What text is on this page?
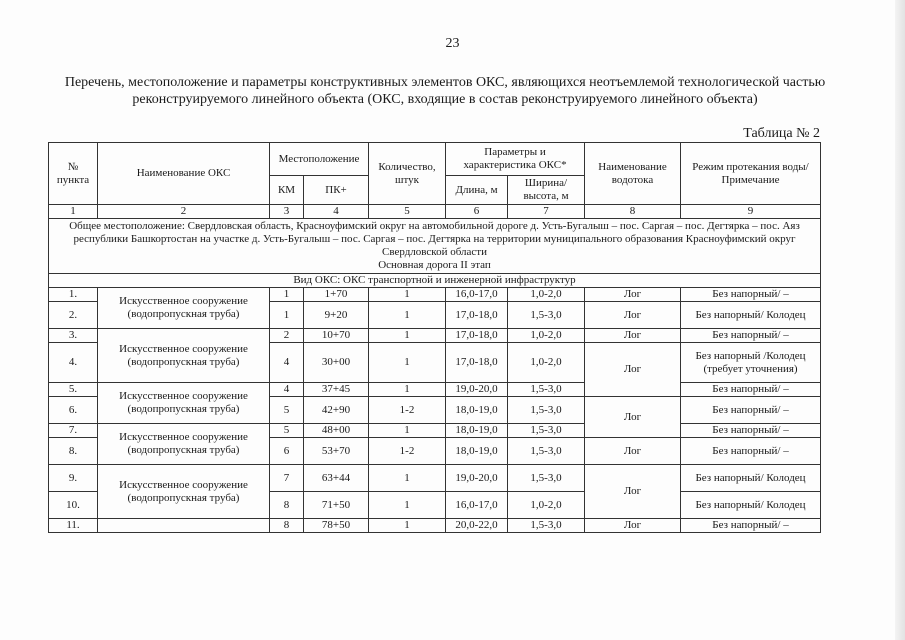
23
Перечень, местоположение и параметры конструктивных элементов ОКС, являющихся неотъемлемой технологической частью реконструируемого линейного объекта (ОКС, входящие в состав реконструируемого линейного объекта)
Таблица № 2
№ пункта	Наименование ОКС	Местоположение		Количество, штук	Параметры и характеристика ОКС*		Наименование водотока	Режим протекания воды/ Примечание
		КМ	ПК+		Длина, м	Ширина/ высота, м		
1	2	3	4	5	6	7	8	9

Общее местоположение: Свердловская область, Красноуфимский округ на автомобильной дороге д. Усть-Бугалыш – пос. Саргая – пос. Дегтярка – пос. Аяз республики Башкортостан на участке д. Усть-Бугалыш – пос. Саргая – пос. Дегтярка на территории муниципального образования Красноуфимский округ Свердловской области
Основная дорога II этап								

Вид ОКС: ОКС транспортной и инженерной инфраструктур								
1.	Искусственное сооружение (водопропускная труба)	1	1+70	1	16,0-17,0	1,0-2,0	Лог	Без напорный/ –
2.		1	9+20	1	17,0-18,0	1,5-3,0	Лог	Без напорный/ Колодец
3.	Искусственное сооружение (водопропускная труба)	2	10+70	1	17,0-18,0	1,0-2,0	Лог	Без напорный/ –
4.		4	30+00	1	17,0-18,0	1,0-2,0	Лог	Без напорный /Колодец (требует уточнения)
5.	Искусственное сооружение (водопропускная труба)	4	37+45	1	19,0-20,0	1,5-3,0		Без напорный/ –
6.		5	42+90	1-2	18,0-19,0	1,5-3,0	Лог	Без напорный/ –
7.	Искусственное сооружение (водопропускная труба)	5	48+00	1	18,0-19,0	1,5-3,0		Без напорный/ –
8.		6	53+70	1-2	18,0-19,0	1,5-3,0	Лог	Без напорный/ –
9.	Искусственное сооружение (водопропускная труба)	7	63+44	1	19,0-20,0	1,5-3,0	Лог	Без напорный/ Колодец
10.		8	71+50	1	16,0-17,0	1,0-2,0		Без напорный/ Колодец
11.		8	78+50	1	20,0-22,0	1,5-3,0	Лог	Без напорный/ –
